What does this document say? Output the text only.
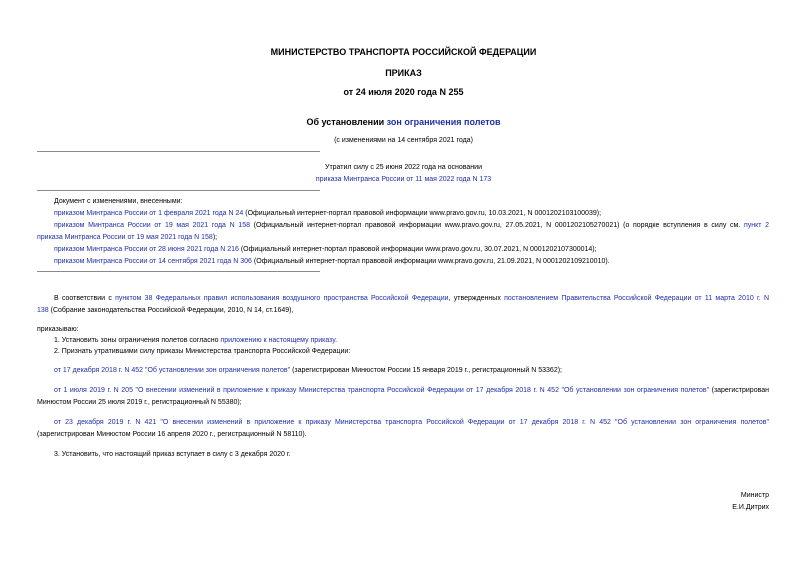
МИНИСТЕРСТВО ТРАНСПОРТА РОССИЙСКОЙ ФЕДЕРАЦИИ
ПРИКАЗ
от 24 июля 2020 года N 255
Об установлении зон ограничения полетов
(с изменениями на 14 сентября 2021 года)
Утратил силу с 25 июня 2022 года на основании
приказа Минтранса России от 11 мая 2022 года N 173
Документ с изменениями, внесенными:
приказом Минтранса России от 1 февраля 2021 года N 24 (Официальный интернет-портал правовой информации www.pravo.gov.ru, 10.03.2021, N 0001202103100039);
приказом Минтранса России от 19 мая 2021 года N 158 (Официальный интернет-портал правовой информации www.pravo.gov.ru, 27.05.2021, N 0001202105270021) (о порядке вступления в силу см. пункт 2
приказа Минтранса России от 19 мая 2021 года N 158);
приказом Минтранса России от 28 июня 2021 года N 216 (Официальный интернет-портал правовой информации www.pravo.gov.ru, 30.07.2021, N 0001202107300014);
приказом Минтранса России от 14 сентября 2021 года N 306 (Официальный интернет-портал правовой информации www.pravo.gov.ru, 21.09.2021, N 0001202109210010).
В соответствии с пунктом 38 Федеральных правил использования воздушного пространства Российской Федерации, утвержденных постановлением Правительства Российской Федерации от 11 марта 2010 г. N
138 (Собрание законодательства Российской Федерации, 2010, N 14, ст.1649),
приказываю:
1. Установить зоны ограничения полетов согласно приложению к настоящему приказу.
2. Признать утратившими силу приказы Министерства транспорта Российской Федерации:
от 17 декабря 2018 г. N 452 "Об установлении зон ограничения полетов" (зарегистрирован Минюстом России 15 января 2019 г., регистрационный N 53362);
от 1 июля 2019 г. N 205 "О внесении изменений в приложение к приказу Министерства транспорта Российской Федерации от 17 декабря 2018 г. N 452 "Об установлении зон ограничения полетов" (зарегистрирован
Минюстом России 25 июля 2019 г., регистрационный N 55380);
от 23 декабря 2019 г. N 421 "О внесении изменений в приложение к приказу Министерства транспорта Российской Федерации от 17 декабря 2018 г. N 452 "Об установлении зон ограничения полетов"
(зарегистрирован Минюстом России 16 апреля 2020 г., регистрационный N 58110).
3. Установить, что настоящий приказ вступает в силу с 3 декабря 2020 г.
Министр
Е.И.Дитрих
